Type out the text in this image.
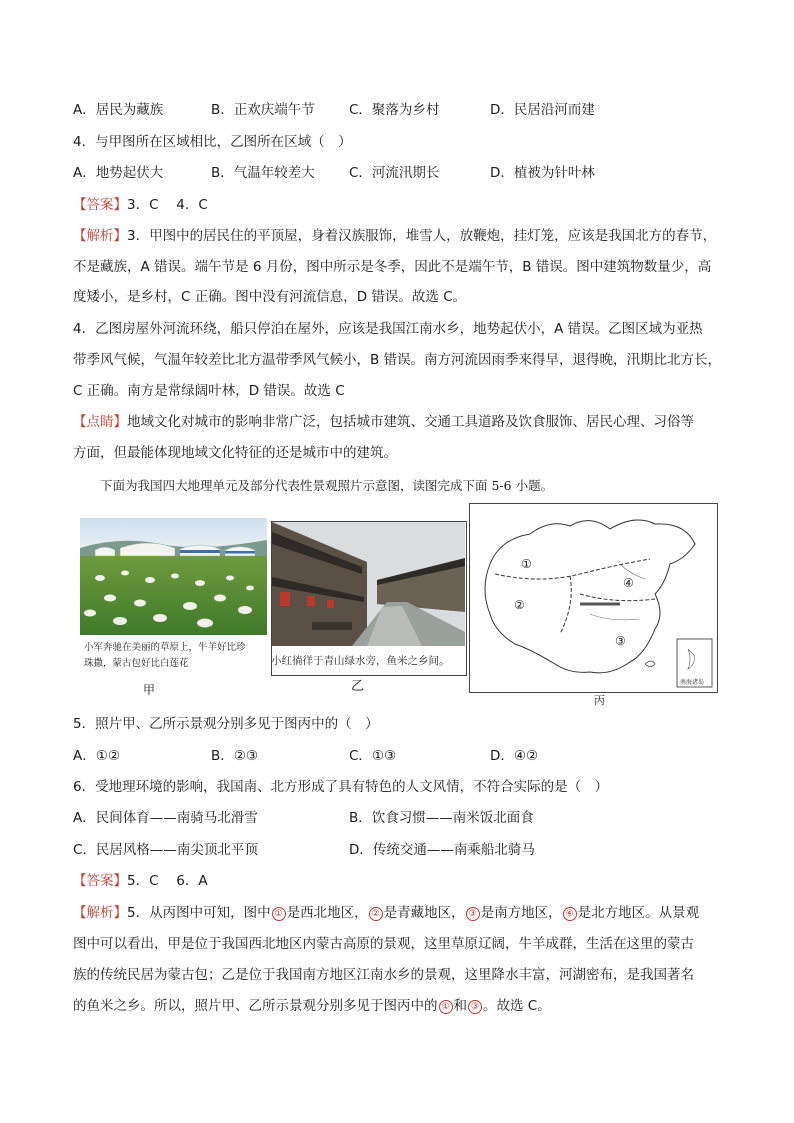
A．居民为藏族	B．正欢庆端午节	C．聚落为乡村	D．民居沿河而建
4．与甲图所在区域相比，乙图所在区域（　）
A．地势起伏大	B．气温年较差大	C．河流汛期长	D．植被为针叶林
【答案】3．C　 4．C
【解析】3．甲图中的居民住的平顶屋，身着汉族服饰，堆雪人，放鞭炮，挂灯笼，应该是我国北方的春节，
不是藏族，A 错误。端午节是 6 月份，图中所示是冬季，因此不是端午节，B 错误。图中建筑物数量少，高
度矮小，是乡村，C 正确。图中没有河流信息，D 错误。故选 C。
4．乙图房屋外河流环绕，船只停泊在屋外，应该是我国江南水乡，地势起伏小，A 错误。乙图区域为亚热
带季风气候，气温年较差比北方温带季风气候小，B 错误。南方河流因雨季来得早，退得晚，汛期比北方长，
C 正确。南方是常绿阔叶林，D 错误。故选 C
【点睛】地域文化对城市的影响非常广泛，包括城市建筑、交通工具道路及饮食服饰、居民心理、习俗等
方面，但最能体现地域文化特征的还是城市中的建筑。
下面为我国四大地理单元及部分代表性景观照片示意图，读图完成下面 5-6 小题。
小军奔驰在美丽的草原上，牛羊好比珍
珠撒，蒙古包好比白莲花
甲
小红徜徉于青山绿水旁，鱼米之乡间。
乙
①
②
③
④
南海诸岛
丙
5．照片甲、乙所示景观分别多见于图丙中的（　）
A．①②	B．②③	C．①③	D．④②
6．受地理环境的影响，我国南、北方形成了具有特色的人文风情，不符合实际的是（　）
A．民间体育——南骑马北滑雪	B．饮食习惯——南米饭北面食
C．民居风格——南尖顶北平顶	D．传统交通——南乘船北骑马
【答案】5．C　 6．A
【解析】5．从丙图中可知，图中 ① 是西北地区， ② 是青藏地区， ③ 是南方地区， ④ 是北方地区。从景观
图中可以看出，甲是位于我国西北地区内蒙古高原的景观，这里草原辽阔，牛羊成群，生活在这里的蒙古
族的传统民居为蒙古包；乙是位于我国南方地区江南水乡的景观，这里降水丰富，河湖密布，是我国著名
的鱼米之乡。所以，照片甲、乙所示景观分别多见于图丙中的 ① 和 ③ 。故选 C。
